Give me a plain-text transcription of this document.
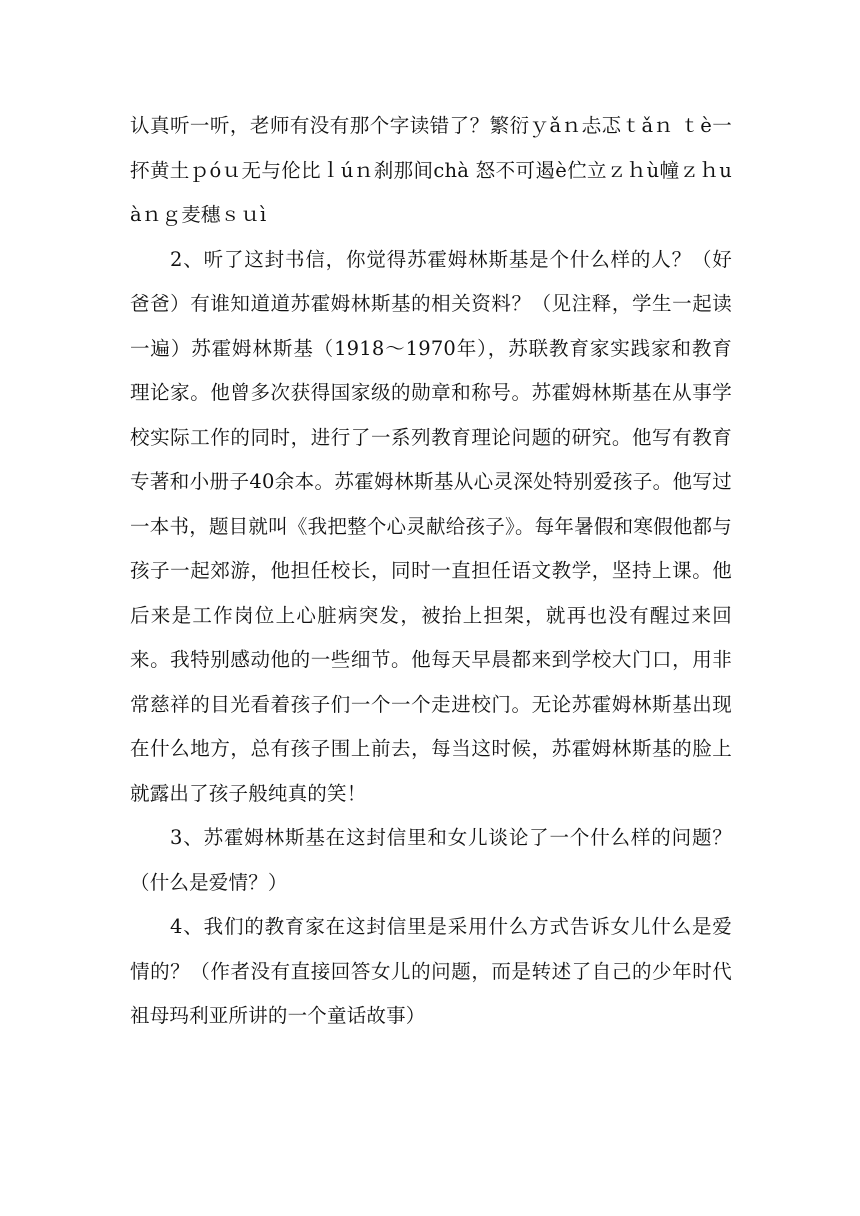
认真听一听，老师有没有那个字读错了？繁衍ｙǎｎ忐忑ｔǎｎ ｔè一抔黄土ｐóｕ无与伦比ｌúｎ刹那间chà 怒不可遏è伫立ｚｈù幢ｚｈuàｎｇ麦穗ｓｕì

2、听了这封书信，你觉得苏霍姆林斯基是个什么样的人？（好爸爸）有谁知道道苏霍姆林斯基的相关资料？（见注释，学生一起读一遍）苏霍姆林斯基（1918～1970年），苏联教育家实践家和教育理论家。他曾多次获得国家级的勋章和称号。苏霍姆林斯基在从事学校实际工作的同时，进行了一系列教育理论问题的研究。他写有教育专著和小册子40余本。苏霍姆林斯基从心灵深处特别爱孩子。他写过一本书，题目就叫《我把整个心灵献给孩子》。每年暑假和寒假他都与孩子一起郊游，他担任校长，同时一直担任语文教学，坚持上课。他后来是工作岗位上心脏病突发，被抬上担架，就再也没有醒过来回来。我特别感动他的一些细节。他每天早晨都来到学校大门口，用非常慈祥的目光看着孩子们一个一个走进校门。无论苏霍姆林斯基出现在什么地方，总有孩子围上前去，每当这时候，苏霍姆林斯基的脸上就露出了孩子般纯真的笑！

3、苏霍姆林斯基在这封信里和女儿谈论了一个什么样的问题？（什么是爱情？）

4、我们的教育家在这封信里是采用什么方式告诉女儿什么是爱情的？（作者没有直接回答女儿的问题，而是转述了自己的少年时代祖母玛利亚所讲的一个童话故事）
